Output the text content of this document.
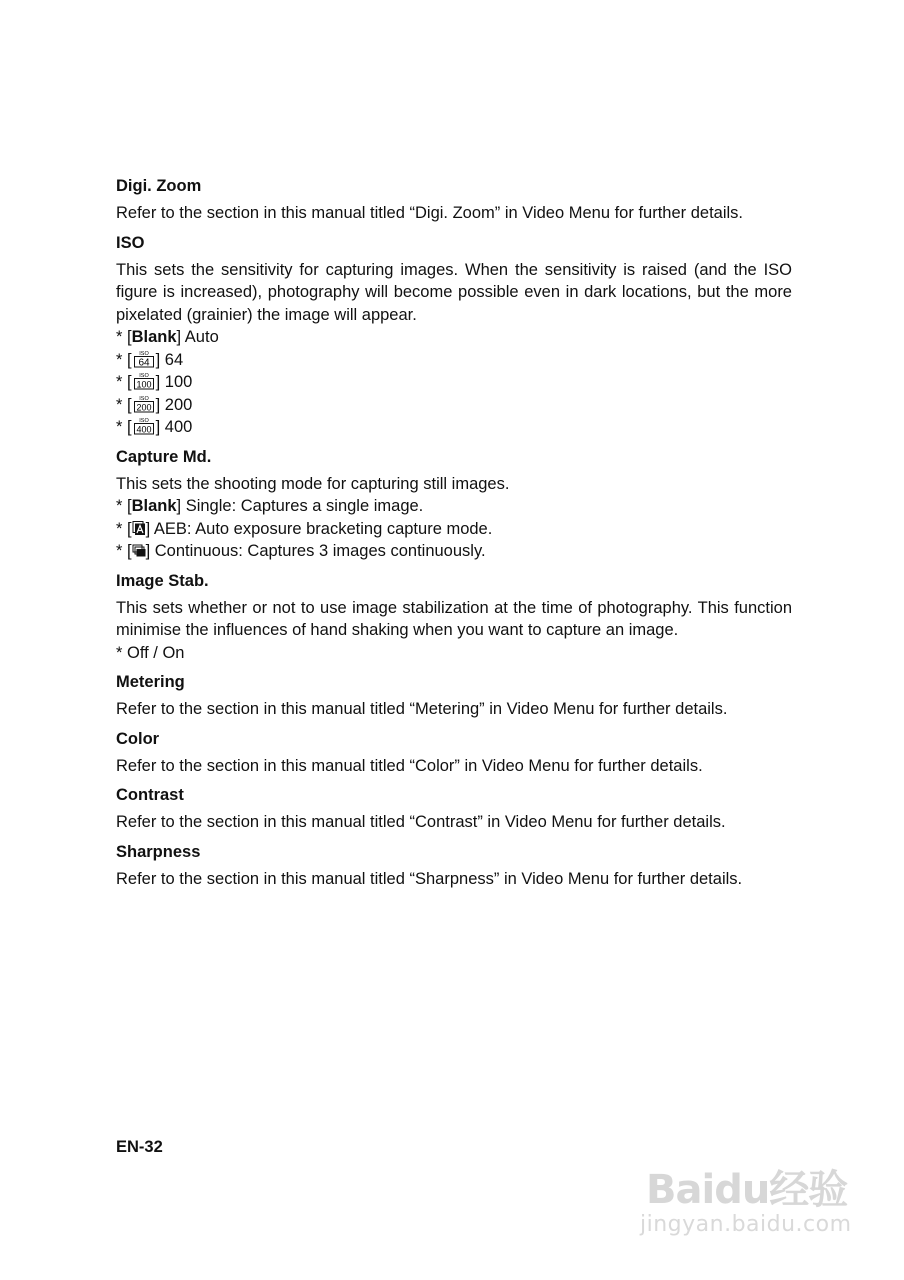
Digi. Zoom
Refer to the section in this manual titled “Digi. Zoom” in Video Menu for further details.
ISO
This sets the sensitivity for capturing images. When the sensitivity is raised (and the ISO figure is increased), photography will become possible even in dark locations, but the more pixelated (grainier) the image will appear.
* [Blank] Auto
* [ ISO
64 ] 64
* [ ISO
100 ] 100
* [ ISO
200 ] 200
* [ ISO
400 ] 400
Capture Md.
This sets the shooting mode for capturing still images.
* [Blank] Single: Captures a single image.
* [ ] AEB: Auto exposure bracketing capture mode.
* [ ] Continuous: Captures 3 images continuously.
Image Stab.
This sets whether or not to use image stabilization at the time of photography. This function minimise the influences of hand shaking when you want to capture an image.
* Off / On
Metering
Refer to the section in this manual titled “Metering” in Video Menu for further details.
Color
Refer to the section in this manual titled “Color” in Video Menu for further details.
Contrast
Refer to the section in this manual titled “Contrast” in Video Menu for further details.
Sharpness
Refer to the section in this manual titled “Sharpness” in Video Menu for further details.
EN-32
Baidu经验
jingyan.baidu.com
